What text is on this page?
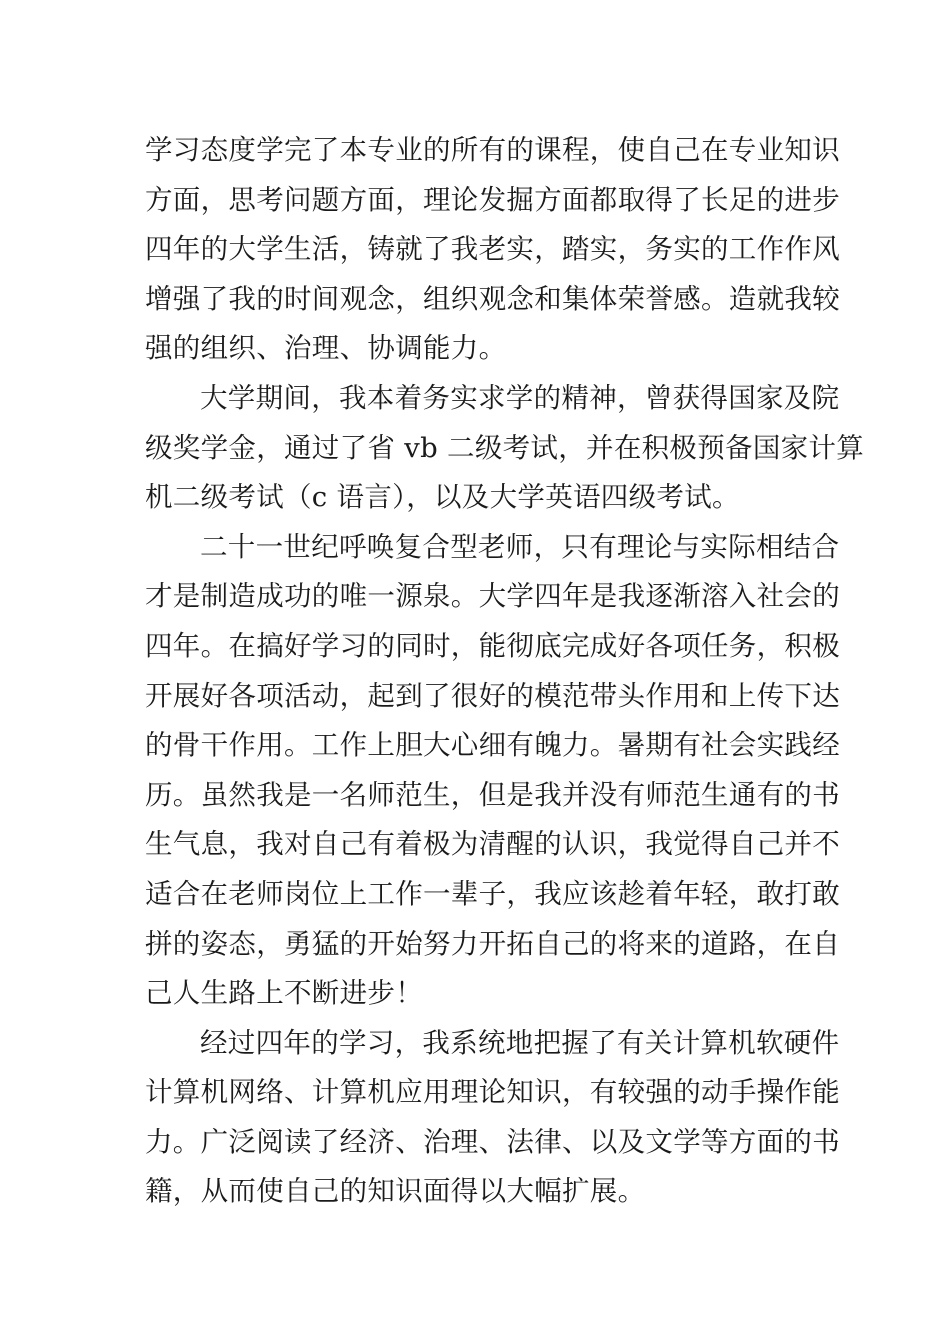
学习态度学完了本专业的所有的课程，使自己在专业知识
方面，思考问题方面，理论发掘方面都取得了长足的进步
四年的大学生活，铸就了我老实，踏实，务实的工作作风
增强了我的时间观念，组织观念和集体荣誉感。造就我较
强的组织、治理、协调能力。
大学期间，我本着务实求学的精神，曾获得国家及院
级奖学金，通过了省 vb 二级考试，并在积极预备国家计算
机二级考试（c 语言），以及大学英语四级考试。
二十一世纪呼唤复合型老师，只有理论与实际相结合
才是制造成功的唯一源泉。大学四年是我逐渐溶入社会的
四年。在搞好学习的同时，能彻底完成好各项任务，积极
开展好各项活动，起到了很好的模范带头作用和上传下达
的骨干作用。工作上胆大心细有魄力。暑期有社会实践经
历。虽然我是一名师范生，但是我并没有师范生通有的书
生气息，我对自己有着极为清醒的认识，我觉得自己并不
适合在老师岗位上工作一辈子，我应该趁着年轻，敢打敢
拼的姿态，勇猛的开始努力开拓自己的将来的道路，在自
己人生路上不断进步！
经过四年的学习，我系统地把握了有关计算机软硬件
计算机网络、计算机应用理论知识，有较强的动手操作能
力。广泛阅读了经济、治理、法律、以及文学等方面的书
籍，从而使自己的知识面得以大幅扩展。
